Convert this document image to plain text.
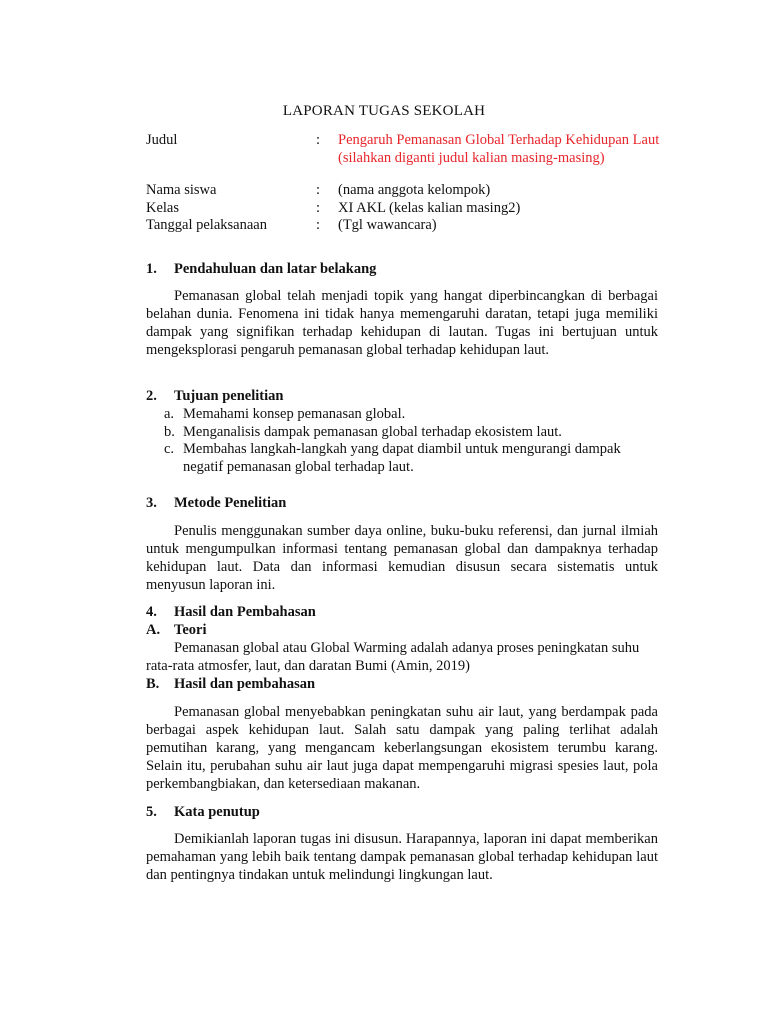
LAPORAN TUGAS SEKOLAH
Judul	: Pengaruh Pemanasan Global Terhadap Kehidupan Laut (silahkan diganti judul kalian masing-masing)
Nama siswa	: (nama anggota kelompok)
Kelas	: XI AKL (kelas kalian masing2)
Tanggal pelaksanaan	: (Tgl wawancara)
1. Pendahuluan dan latar belakang
Pemanasan global telah menjadi topik yang hangat diperbincangkan di berbagai belahan dunia. Fenomena ini tidak hanya memengaruhi daratan, tetapi juga memiliki dampak yang signifikan terhadap kehidupan di lautan. Tugas ini bertujuan untuk mengeksplorasi pengaruh pemanasan global terhadap kehidupan laut.
2. Tujuan penelitian
a. Memahami konsep pemanasan global.
b. Menganalisis dampak pemanasan global terhadap ekosistem laut.
c. Membahas langkah-langkah yang dapat diambil untuk mengurangi dampak negatif pemanasan global terhadap laut.
3. Metode Penelitian
Penulis menggunakan sumber daya online, buku-buku referensi, dan jurnal ilmiah untuk mengumpulkan informasi tentang pemanasan global dan dampaknya terhadap kehidupan laut. Data dan informasi kemudian disusun secara sistematis untuk menyusun laporan ini.
4. Hasil dan Pembahasan
A. Teori
Pemanasan global atau Global Warming adalah adanya proses peningkatan suhu rata-rata atmosfer, laut, dan daratan Bumi (Amin, 2019)
B. Hasil dan pembahasan
Pemanasan global menyebabkan peningkatan suhu air laut, yang berdampak pada berbagai aspek kehidupan laut. Salah satu dampak yang paling terlihat adalah pemutihan karang, yang mengancam keberlangsungan ekosistem terumbu karang. Selain itu, perubahan suhu air laut juga dapat mempengaruhi migrasi spesies laut, pola perkembangbiakan, dan ketersediaan makanan.
5. Kata penutup
Demikianlah laporan tugas ini disusun. Harapannya, laporan ini dapat memberikan pemahaman yang lebih baik tentang dampak pemanasan global terhadap kehidupan laut dan pentingnya tindakan untuk melindungi lingkungan laut.
